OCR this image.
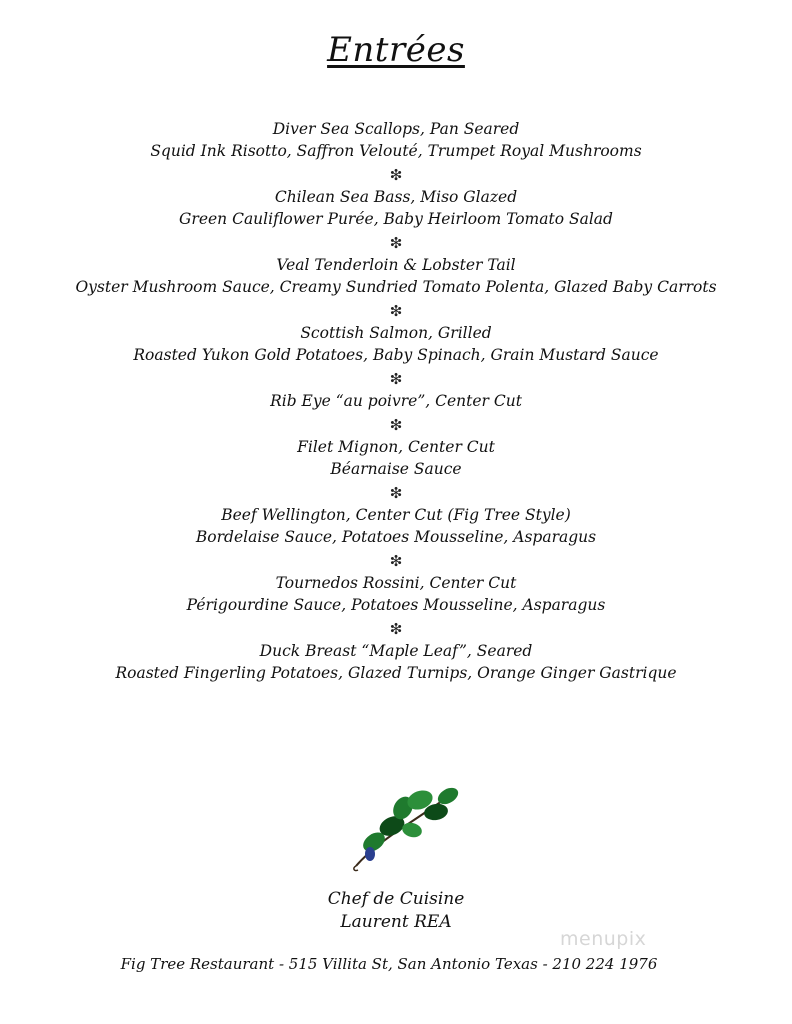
Entrées
Diver Sea Scallops, Pan Seared
Squid Ink Risotto, Saffron Velouté, Trumpet Royal Mushrooms
❇
Chilean Sea Bass, Miso Glazed
Green Cauliflower Purée, Baby Heirloom Tomato Salad
❇
Veal Tenderloin & Lobster Tail
Oyster Mushroom Sauce, Creamy Sundried Tomato Polenta, Glazed Baby Carrots
❇
Scottish Salmon, Grilled
Roasted Yukon Gold Potatoes, Baby Spinach, Grain Mustard Sauce
❇
Rib Eye “au poivre”, Center Cut
❇
Filet Mignon, Center Cut
Béarnaise Sauce
❇
Beef Wellington, Center Cut (Fig Tree Style)
Bordelaise Sauce, Potatoes Mousseline, Asparagus
❇
Tournedos Rossini, Center Cut
Périgourdine Sauce, Potatoes Mousseline, Asparagus
❇
Duck Breast “Maple Leaf”, Seared
Roasted Fingerling Potatoes, Glazed Turnips, Orange Ginger Gastrique
Chef de Cuisine
Laurent REA
menupix
Fig Tree Restaurant - 515 Villita St, San Antonio Texas - 210 224 1976
